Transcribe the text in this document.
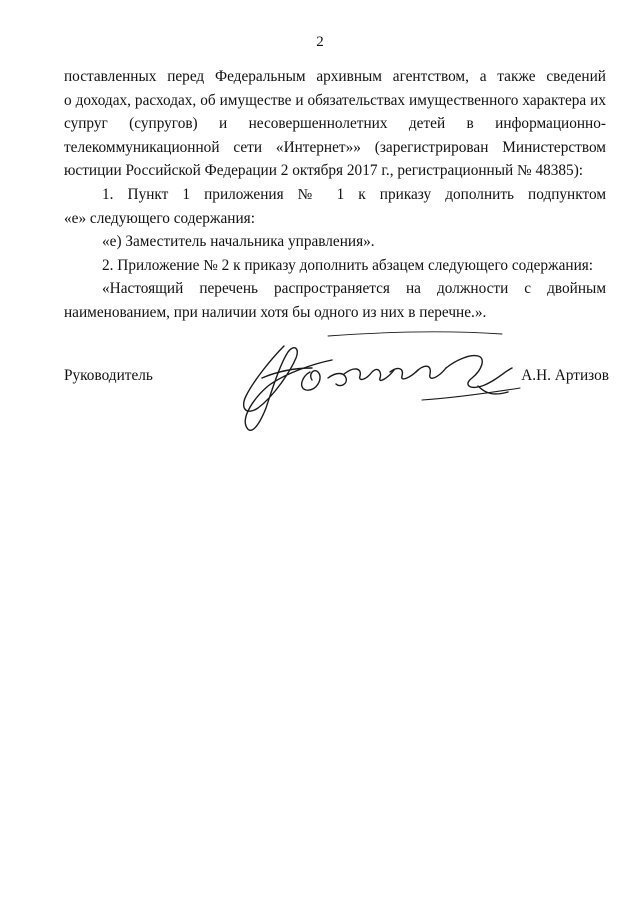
2

поставленных перед Федеральным архивным агентством, а также сведений
о доходах, расходах, об имуществе и обязательствах имущественного характера их
супруг (супругов) и несовершеннолетних детей в информационно-
телекоммуникационной сети «Интернет»» (зарегистрирован Министерством
юстиции Российской Федерации 2 октября 2017 г., регистрационный № 48385):

1. Пункт 1 приложения № 1 к приказу дополнить подпунктом
«е» следующего содержания:

«е) Заместитель начальника управления».

2. Приложение № 2 к приказу дополнить абзацем следующего содержания:

«Настоящий перечень распространяется на должности с двойным
наименованием, при наличии хотя бы одного из них в перечне.».

Руководитель	А.Н. Артизов
